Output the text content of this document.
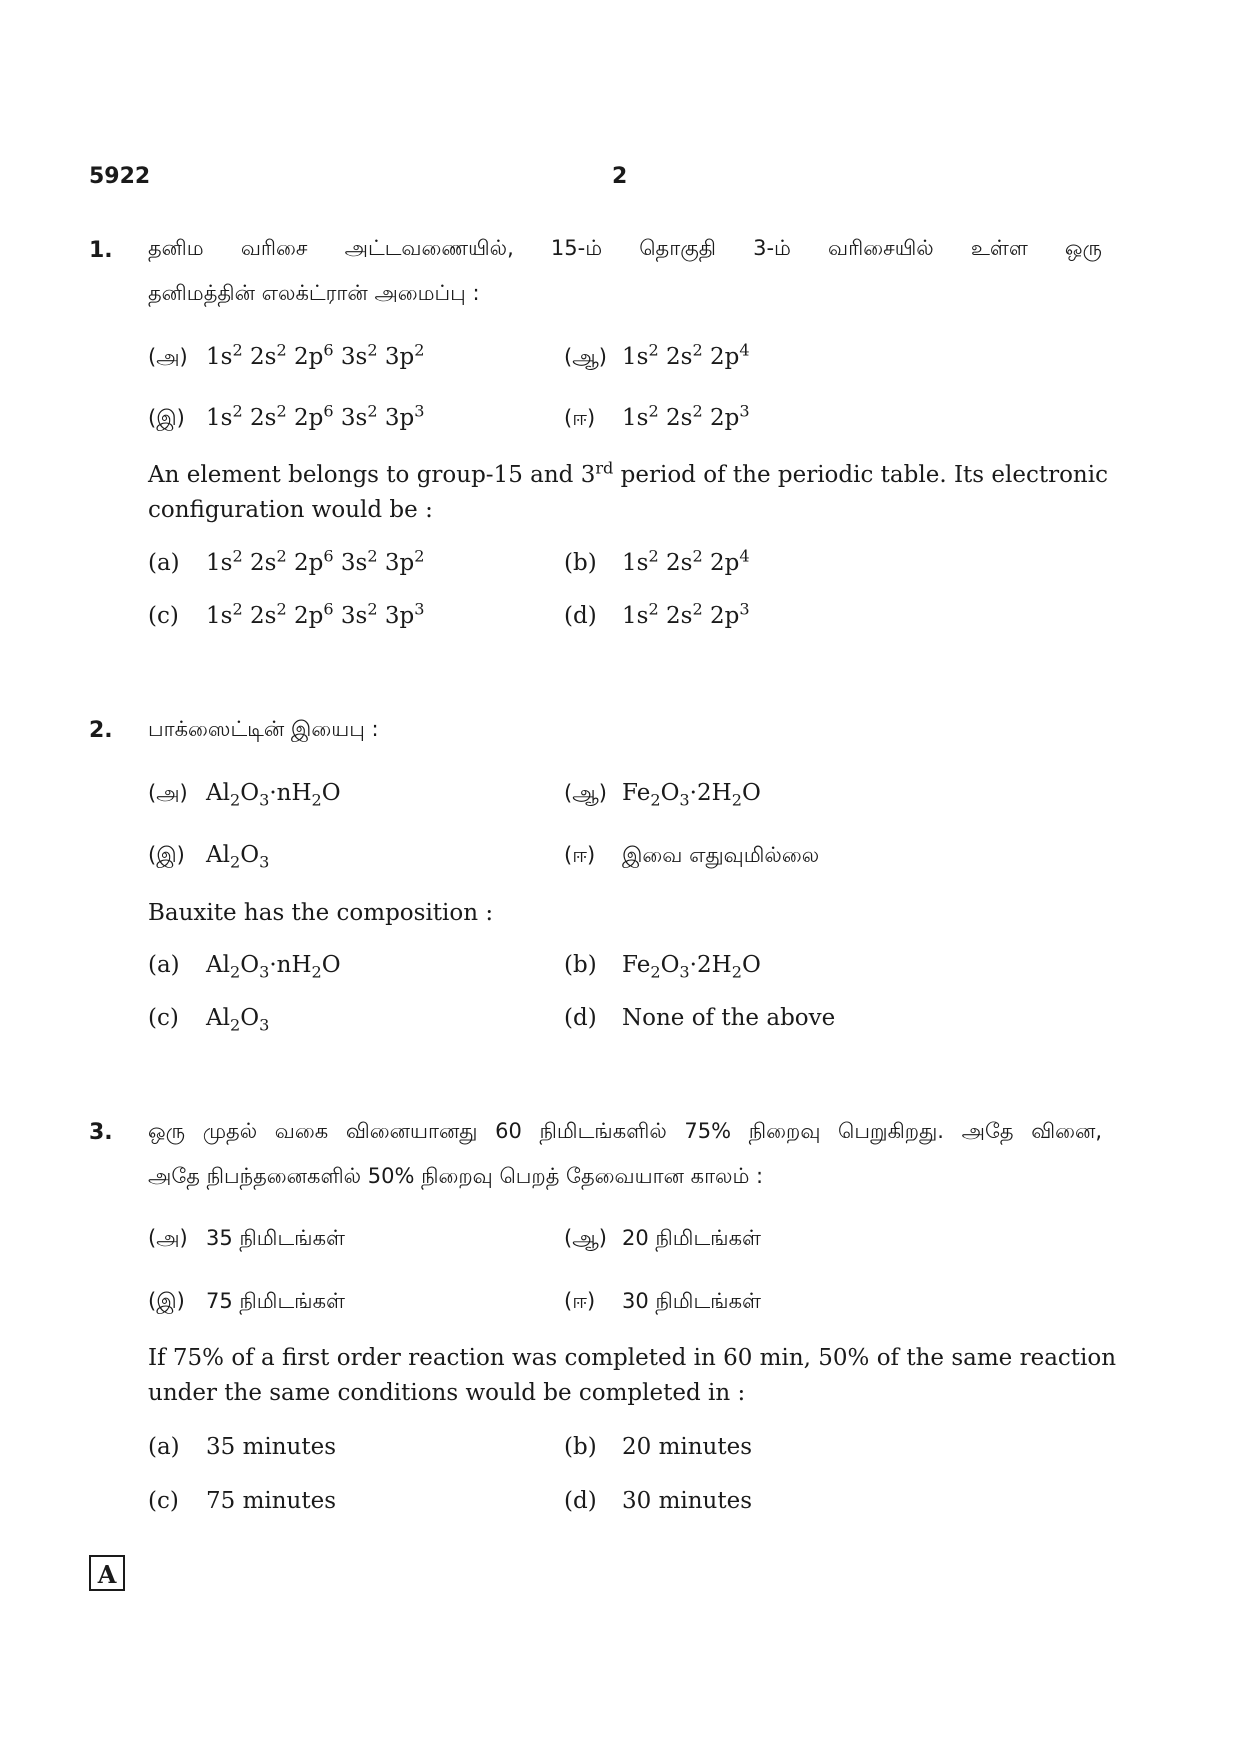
5922	2
1. தனிம வரிசை அட்டவணையில், 15-ம் தொகுதி 3-ம் வரிசையில் உள்ள ஒரு
தனிமத்தின் எலக்ட்ரான் அமைப்பு :
(அ) $1s^2$ $2s^2$ $2p^6$ $3s^2$ $3p^2$	(ஆ) $1s^2$ $2s^2$ $2p^4$
(இ) $1s^2$ $2s^2$ $2p^6$ $3s^2$ $3p^3$	(ஈ) $1s^2$ $2s^2$ $2p^3$
An element belongs to group-15 and 3rd period of the periodic table. Its electronic
configuration would be :
(a) $1s^2$ $2s^2$ $2p^6$ $3s^2$ $3p^2$	(b) $1s^2$ $2s^2$ $2p^4$
(c) $1s^2$ $2s^2$ $2p^6$ $3s^2$ $3p^3$	(d) $1s^2$ $2s^2$ $2p^3$
2. பாக்ஸைட்டின் இயைபு :
(அ) $Al_2O_3\cdot nH_2O$	(ஆ) $Fe_2O_3\cdot 2H_2O$
(இ) $Al_2O_3$	(ஈ) இவை எதுவுமில்லை
Bauxite has the composition :
(a) $Al_2O_3\cdot nH_2O$	(b) $Fe_2O_3\cdot 2H_2O$
(c) $Al_2O_3$	(d) None of the above
3. ஒரு முதல் வகை வினையானது 60 நிமிடங்களில் 75% நிறைவு பெறுகிறது. அதே வினை,
அதே நிபந்தனைகளில் 50% நிறைவு பெறத் தேவையான காலம் :
(அ) 35 நிமிடங்கள்	(ஆ) 20 நிமிடங்கள்
(இ) 75 நிமிடங்கள்	(ஈ) 30 நிமிடங்கள்
If 75% of a first order reaction was completed in 60 min, 50% of the same reaction
under the same conditions would be completed in :
(a) 35 minutes	(b) 20 minutes
(c) 75 minutes	(d) 30 minutes
A
